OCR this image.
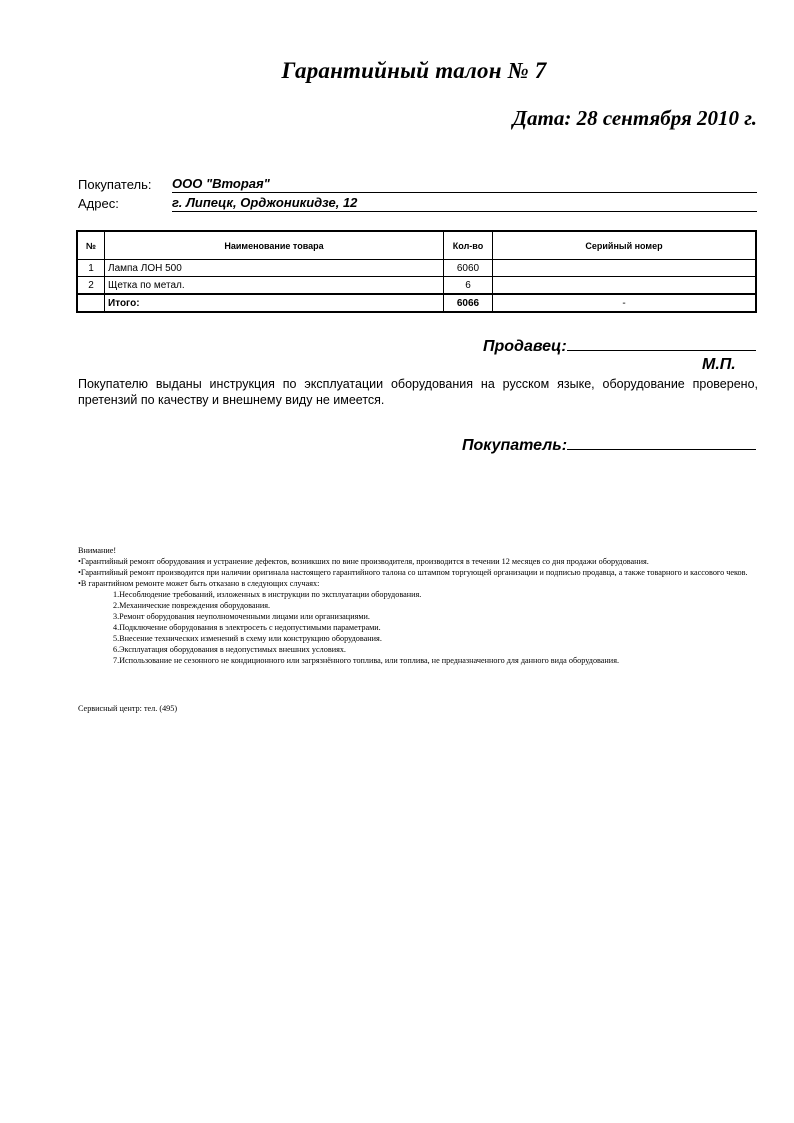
Гарантийный талон № 7
Дата: 28 сентября 2010 г.
Покупатель: ООО "Вторая"
Адрес:	г. Липецк, Орджоникидзе, 12
№	Наименование товара	Кол-во	Серийный номер
1	Лампа ЛОН 500	6060	
2	Щетка по метал.	6	
	Итого:	6066	-
Продавец:
М.П.
Покупателю выданы инструкция по эксплуатации оборудования на русском языке, оборудование проверено, претензий по качеству и внешнему виду не имеется.
Покупатель:
Внимание!
•Гарантийный ремонт оборудования и устранение дефектов, возникших по вине производителя, производится в течении 12 месяцев со дня продажи оборудования.
•Гарантийный ремонт производится при наличии оригинала настоящего гарантийного талона со штампом торгующей организации и подписью продавца, а также товарного и кассового чеков.
•В гарантийном ремонте может быть отказано в следующих случаях:
1.Несоблюдение требований, изложенных в инструкции по эксплуатации оборудования.
2.Механические повреждения оборудования.
3.Ремонт оборудования неуполномоченными лицами или организациями.
4.Подключение оборудования в электросеть с недопустимыми параметрами.
5.Внесение технических изменений в схему или конструкцию оборудования.
6.Эксплуатация оборудования в недопустимых внешних условиях.
7.Использование не сезонного не кондиционного или загрязнённого топлива, или топлива, не предназначенного для данного вида оборудования.
Сервисный центр: тел. (495)
